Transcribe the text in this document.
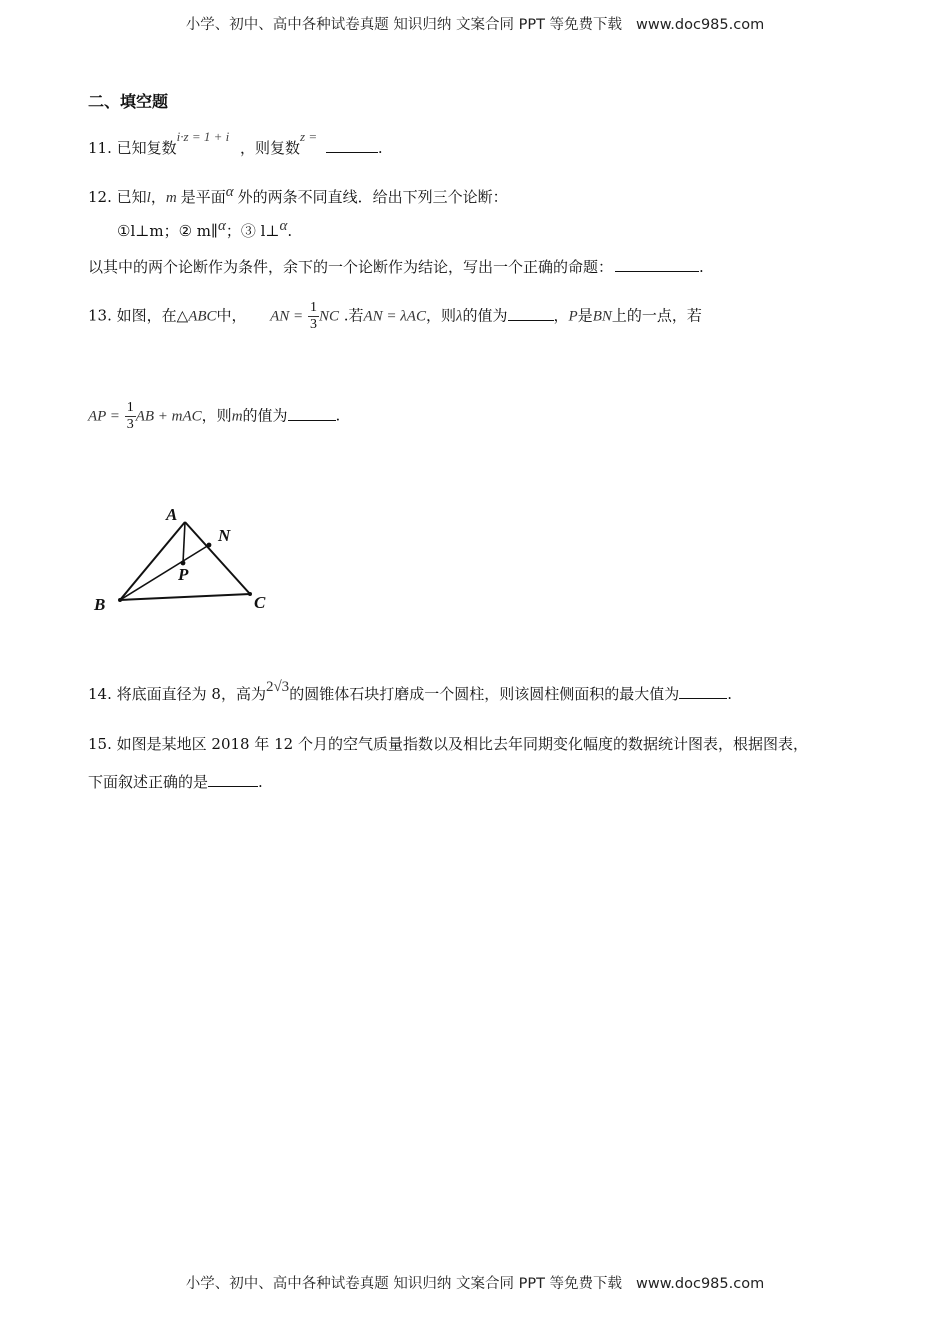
小学、初中、高中各种试卷真题 知识归纳 文案合同 PPT 等免费下载 www.doc985.com
二、填空题
11. 已知复数i·z = 1 + i ，则复数z = .
12. 已知l，m 是平面α 外的两条不同直线．给出下列三个论断：
①l⊥m；② m∥α；③ l⊥α.
以其中的两个论断作为条件，余下的一个论断作为结论，写出一个正确的命题：	.
13. 如图，在△ABC中， AN = $\frac{1}{3}$ NC .若AN = λAC，则λ的值为	，P是BN上的一点，若
AP = $\frac{1}{3}$ AB + mAC，则m的值为	.
A
N
P
B	C
14. 将底面直径为 8，高为2√3的圆锥体石块打磨成一个圆柱，则该圆柱侧面积的最大值为	.
15. 如图是某地区 2018 年 12 个月的空气质量指数以及相比去年同期变化幅度的数据统计图表，根据图表，
下面叙述正确的是	.
小学、初中、高中各种试卷真题 知识归纳 文案合同 PPT 等免费下载 www.doc985.com
